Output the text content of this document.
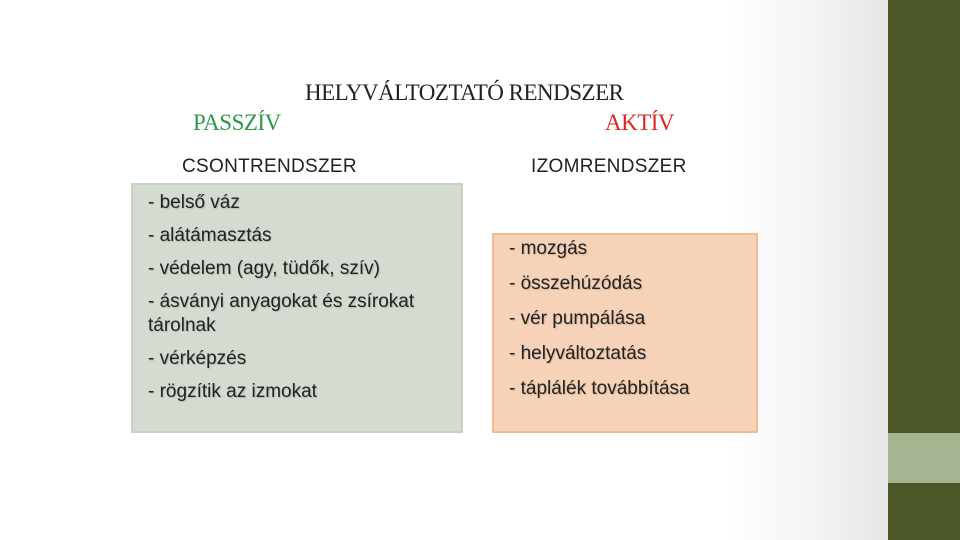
HELYVÁLTOZTATÓ RENDSZER
PASSZÍV	AKTÍV
CSONTRENDSZER	IZOMRENDSZER

- belső váz

- alátámasztás

- védelem (agy, tüdők, szív)

- ásványi anyagokat és zsírokat tárolnak

- vérképzés

- rögzítik az izmokat

- mozgás

- összehúzódás

- vér pumpálása

- helyváltoztatás

- táplálék továbbítása
